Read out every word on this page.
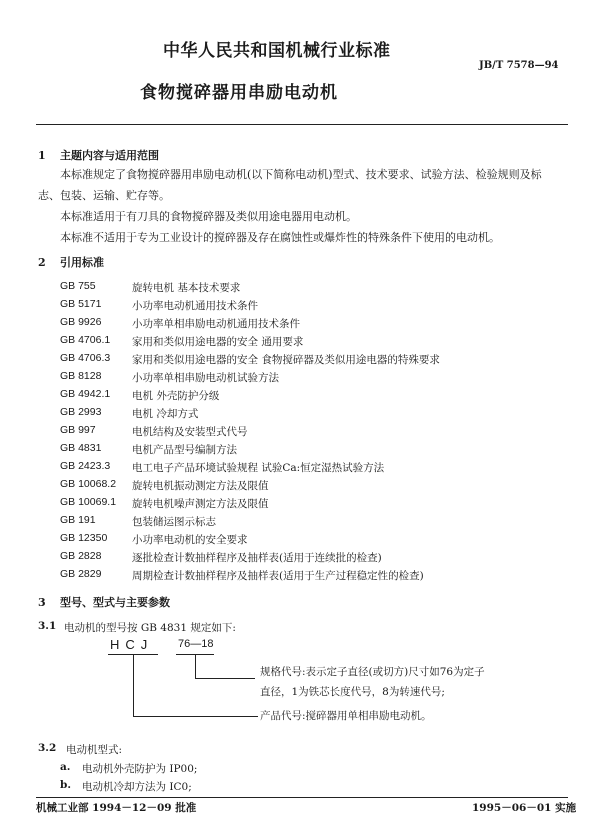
中华人民共和国机械行业标准
JB/T 7578—94
食物搅碎器用串励电动机
1 主题内容与适用范围
本标准规定了食物搅碎器用串励电动机(以下简称电动机)型式、技术要求、试验方法、检验规则及标
志、包装、运输、贮存等。
本标准适用于有刀具的食物搅碎器及类似用途电器用电动机。
本标准不适用于专为工业设计的搅碎器及存在腐蚀性或爆炸性的特殊条件下使用的电动机。
2 引用标准
GB 755	旋转电机 基本技术要求
GB 5171	小功率电动机通用技术条件
GB 9926	小功率单相串励电动机通用技术条件
GB 4706.1 家用和类似用途电器的安全 通用要求
GB 4706.3 家用和类似用途电器的安全 食物搅碎器及类似用途电器的特殊要求
GB 8128	小功率单相串励电动机试验方法
GB 4942.1 电机 外壳防护分级
GB 2993	电机 冷却方式
GB 997	电机结构及安装型式代号
GB 4831	电机产品型号编制方法
GB 2423.3 电工电子产品环境试验规程 试验Ca:恒定湿热试验方法
GB 10068.2 旋转电机振动测定方法及限值
GB 10069.1 旋转电机噪声测定方法及限值
GB 191	包装储运图示标志
GB 12350 小功率电动机的安全要求
GB 2828	逐批检查计数抽样程序及抽样表(适用于连续批的检查)
GB 2829	周期检查计数抽样程序及抽样表(适用于生产过程稳定性的检查)
3 型号、型式与主要参数
3.1 电动机的型号按 GB 4831 规定如下:
HCJ 76—18
规格代号:表示定子直径(或切方)尺寸如76为定子
直径，1为铁芯长度代号，8为转速代号;
产品代号:搅碎器用单相串励电动机。
3.2 电动机型式:
a. 电动机外壳防护为 IP00;
b. 电动机冷却方法为 IC0;
机械工业部 1994－12－09 批准	1995－06－01 实施
